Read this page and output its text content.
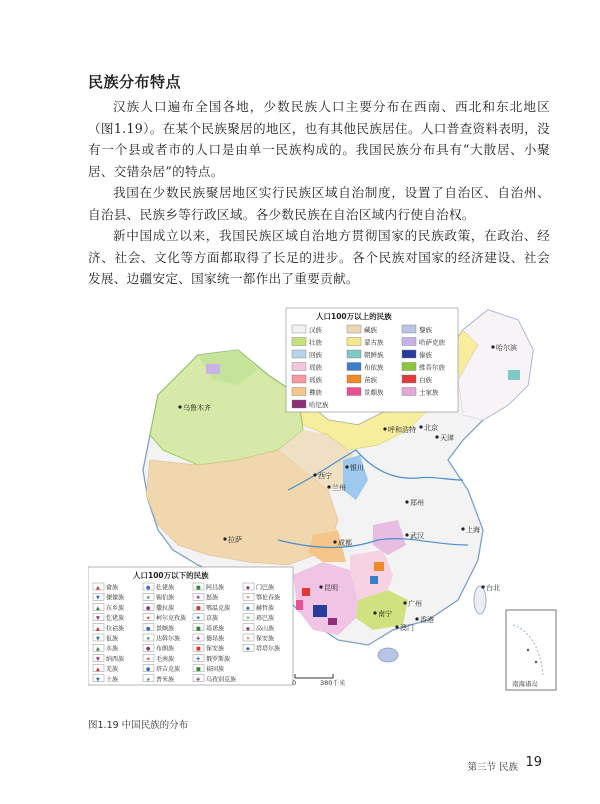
民族分布特点

汉族人口遍布全国各地，少数民族人口主要分布在西南、西北和东北地区（图1.19）。在某个民族聚居的地区，也有其他民族居住。人口普查资料表明，没有一个县或者市的人口是由单一民族构成的。我国民族分布具有“大散居、小聚居、交错杂居”的特点。

我国在少数民族聚居地区实行民族区域自治制度，设置了自治区、自治州、自治县、民族乡等行政区域。各少数民族在自治区域内行使自治权。

新中国成立以来，我国民族区域自治地方贯彻国家的民族政策，在政治、经济、社会、文化等方面都取得了长足的进步。各个民族对国家的经济建设、社会发展、边疆安定、国家统一都作出了重要贡献。

人口100万以上的民族
汉族	藏族	黎族
壮族	蒙古族	哈萨克族
回族	朝鲜族	傣族
瑶族	布依族	维吾尔族
瑶族	苗族	白族
彝族	景颇族	土家族
哈尼族
人口100万以下的民族
▲ 畲族	● 仫佬族	■ 阿昌族	◆ 门巴族
▼ 傈僳族	★ 锡伯族	✚ 怒族	✕ 鄂伦春族
▲ 东乡族	● 撒拉族	■ 鄂温克族	◆ 赫哲族
▼ 仡佬族	★ 柯尔克孜族 ✚ 京族	✕ 珞巴族
▲ 拉祜族	● 景颇族	■ 基诺族	◆ 高山族
▼ 佤族	★ 达斡尔族	✚ 德昂族	✕ 保安族
▲ 水族	● 布朗族	■ 保安族	◆ 塔塔尔族
▼ 纳西族	★ 毛南族	✚ 俄罗斯族
▲ 羌族	● 塔吉克族	■ 裕固族
▼ 土族	★ 普米族	✚ 乌孜别克族
乌鲁木齐
呼和浩特 北京
天津
银川
西宁
兰州
郑州
拉萨	成都
武汉
上海
昆明
南宁
广州
香港
澳门
台北
哈尔滨
0	380千米	南海诸岛
图1.19 中国民族的分布
第三节 民族 19
